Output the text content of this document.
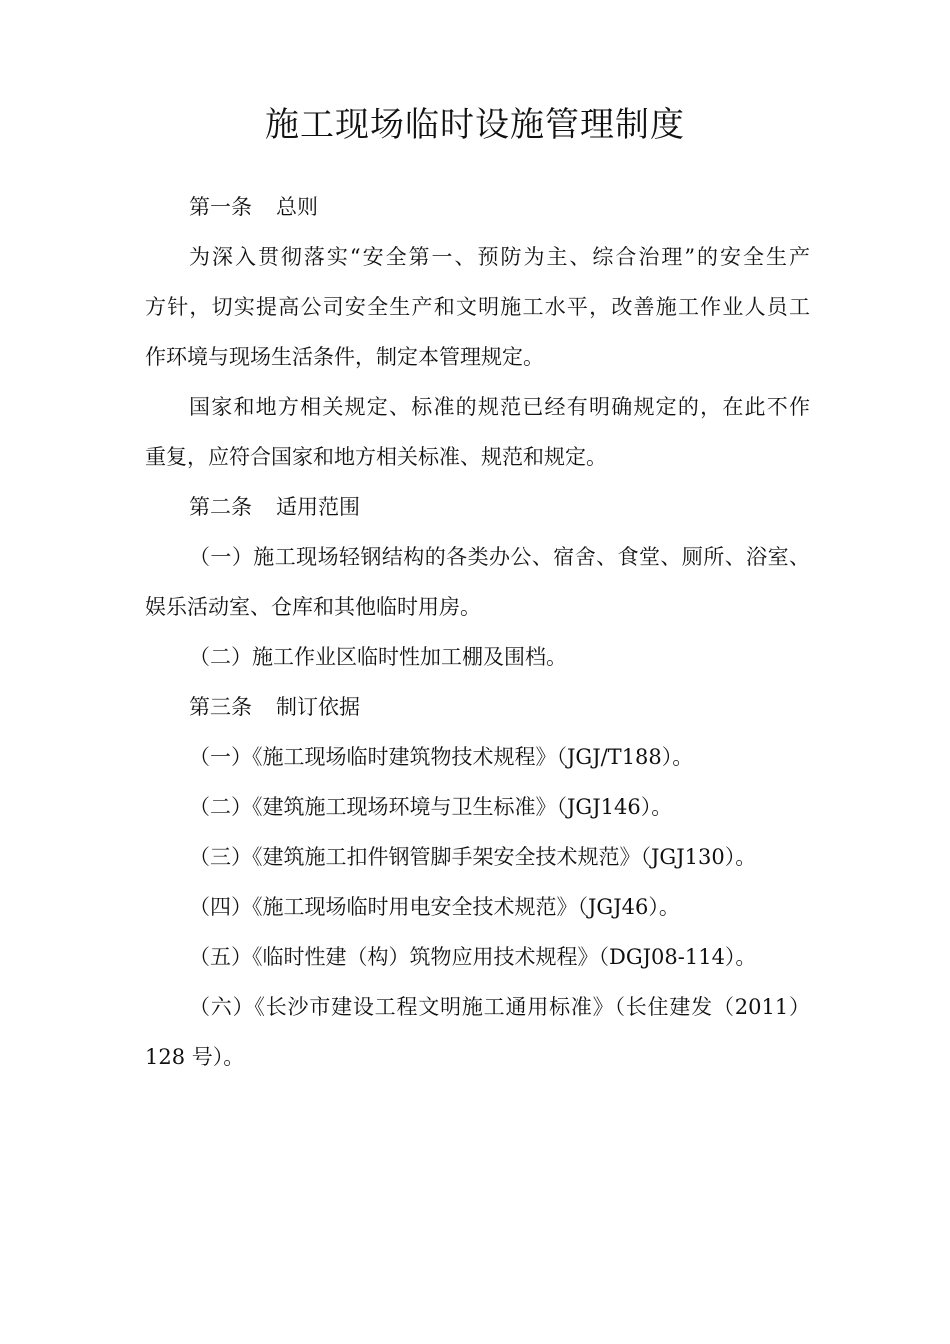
施工现场临时设施管理制度
第一条 总则
为深入贯彻落实“安全第一、预防为主、综合治理”的安全生产
方针，切实提高公司安全生产和文明施工水平，改善施工作业人员工
作环境与现场生活条件，制定本管理规定。
国家和地方相关规定、标准的规范已经有明确规定的，在此不作
重复，应符合国家和地方相关标准、规范和规定。
第二条 适用范围
（一）施工现场轻钢结构的各类办公、宿舍、食堂、厕所、浴室、
娱乐活动室、仓库和其他临时用房。
（二）施工作业区临时性加工棚及围档。
第三条 制订依据
（一）《施工现场临时建筑物技术规程》（JGJ/T188）。
（二）《建筑施工现场环境与卫生标准》（JGJ146）。
（三）《建筑施工扣件钢管脚手架安全技术规范》（JGJ130）。
（四）《施工现场临时用电安全技术规范》（JGJ46）。
（五）《临时性建（构）筑物应用技术规程》（DGJ08-114）。
（六）《长沙市建设工程文明施工通用标准》（长住建发（2011）
128 号）。
